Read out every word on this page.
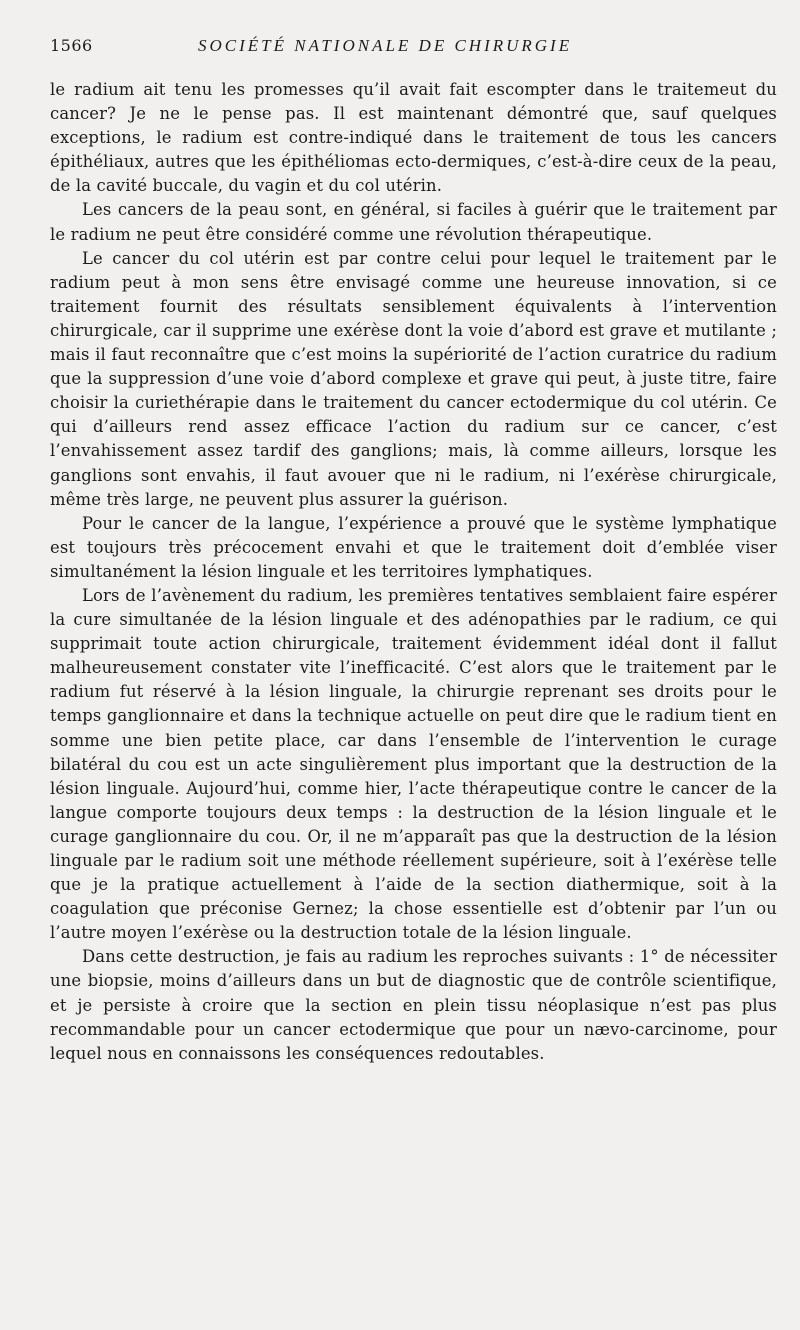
1566	SOCIÉTÉ NATIONALE DE CHIRURGIE

le radium ait tenu les promesses qu’il avait fait escompter dans le traitemeut du cancer? Je ne le pense pas. Il est maintenant démontré que, sauf quelques exceptions, le radium est contre-indiqué dans le traitement de tous les cancers épithéliaux, autres que les épithéliomas ecto-dermiques, c’est-à-dire ceux de la peau, de la cavité buccale, du vagin et du col utérin.

Les cancers de la peau sont, en général, si faciles à guérir que le traitement par le radium ne peut être considéré comme une révolution thérapeutique.

Le cancer du col utérin est par contre celui pour lequel le traitement par le radium peut à mon sens être envisagé comme une heureuse innovation, si ce traitement fournit des résultats sensiblement équivalents à l’intervention chirurgicale, car il supprime une exérèse dont la voie d’abord est grave et mutilante ; mais il faut reconnaître que c’est moins la supériorité de l’action curatrice du radium que la suppression d’une voie d’abord complexe et grave qui peut, à juste titre, faire choisir la curiethérapie dans le traitement du cancer ectodermique du col utérin. Ce qui d’ailleurs rend assez efficace l’action du radium sur ce cancer, c’est l’envahissement assez tardif des ganglions; mais, là comme ailleurs, lorsque les ganglions sont envahis, il faut avouer que ni le radium, ni l’exérèse chirurgicale, même très large, ne peuvent plus assurer la guérison.

Pour le cancer de la langue, l’expérience a prouvé que le système lymphatique est toujours très précocement envahi et que le traitement doit d’emblée viser simultanément la lésion linguale et les territoires lymphatiques.

Lors de l’avènement du radium, les premières tentatives semblaient faire espérer la cure simultanée de la lésion linguale et des adénopathies par le radium, ce qui supprimait toute action chirurgicale, traitement évidemment idéal dont il fallut malheureusement constater vite l’inefficacité. C’est alors que le traitement par le radium fut réservé à la lésion linguale, la chirurgie reprenant ses droits pour le temps ganglionnaire et dans la technique actuelle on peut dire que le radium tient en somme une bien petite place, car dans l’ensemble de l’intervention le curage bilatéral du cou est un acte singulièrement plus important que la destruction de la lésion linguale. Aujourd’hui, comme hier, l’acte thérapeutique contre le cancer de la langue comporte toujours deux temps : la destruction de la lésion linguale et le curage ganglionnaire du cou. Or, il ne m’apparaît pas que la destruction de la lésion linguale par le radium soit une méthode réellement supérieure, soit à l’exérèse telle que je la pratique actuellement à l’aide de la section diathermique, soit à la coagulation que préconise Gernez; la chose essentielle est d’obtenir par l’un ou l’autre moyen l’exérèse ou la destruction totale de la lésion linguale.

Dans cette destruction, je fais au radium les reproches suivants : 1° de nécessiter une biopsie, moins d’ailleurs dans un but de diagnostic que de contrôle scientifique, et je persiste à croire que la section en plein tissu néoplasique n’est pas plus recommandable pour un cancer ectodermique que pour un nævo-carcinome, pour lequel nous en connaissons les conséquences redoutables.
